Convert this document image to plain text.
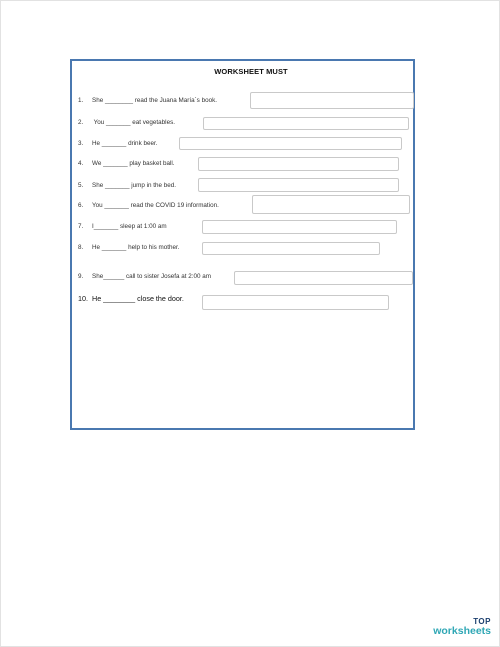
WORKSHEET MUST
1. She ________ read the Juana María´s book.
2. You _______ eat vegetables.
3. He _______ drink beer.
4. We _______ play basket ball.
5. She _______ jump in the bed.
6. You _______ read the COVID 19 information.
7. I_______ sleep at 1:00 am
8. He _______ help to his mother.
9. She______ call to sister Josefa at 2:00 am
10. He ________ close the door.
TOP
worksheets
